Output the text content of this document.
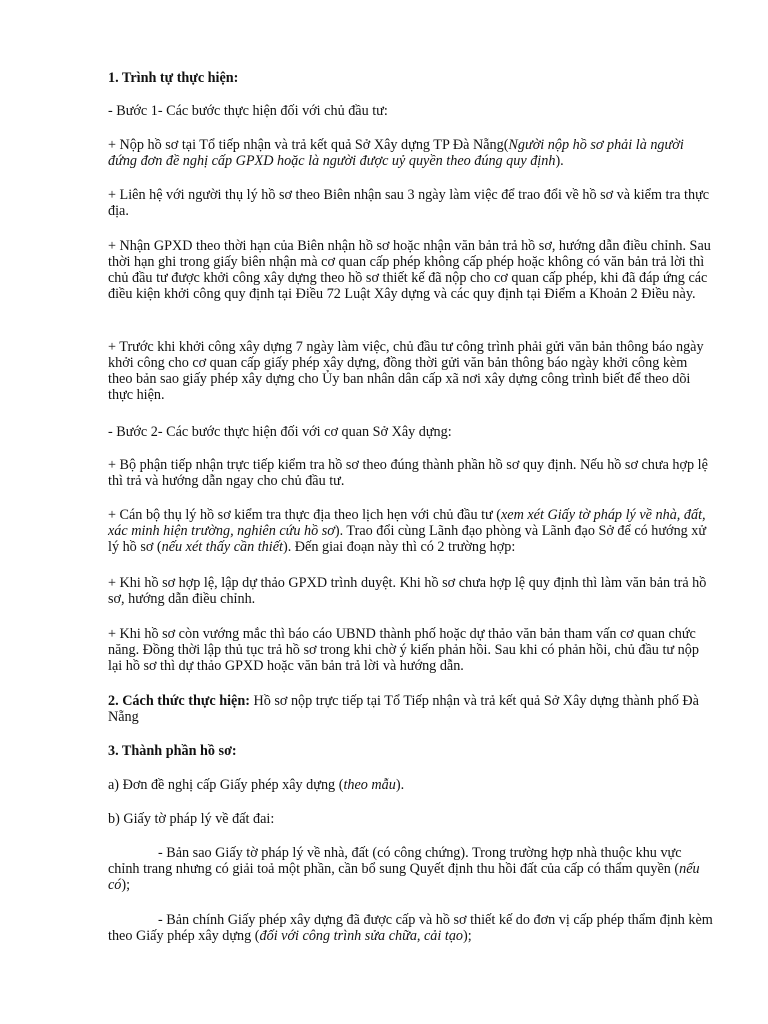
1. Trình tự thực hiện:

- Bước 1- Các bước thực hiện đối với chủ đầu tư:

+ Nộp hồ sơ tại Tổ tiếp nhận và trả kết quả Sở Xây dựng TP Đà Nẵng(Người nộp hồ sơ phải là người đứng đơn đề nghị cấp GPXD hoặc là người được uỷ quyền theo đúng quy định).

+ Liên hệ với người thụ lý hồ sơ theo Biên nhận sau 3 ngày làm việc để trao đổi về hồ sơ và kiểm tra thực địa.

+ Nhận GPXD theo thời hạn của Biên nhận hồ sơ hoặc nhận văn bản trả hồ sơ, hướng dẫn điều chỉnh. Sau thời hạn ghi trong giấy biên nhận mà cơ quan cấp phép không cấp phép hoặc không có văn bản trả lời thì chủ đầu tư được khởi công xây dựng theo hồ sơ thiết kế đã nộp cho cơ quan cấp phép, khi đã đáp ứng các điều kiện khởi công quy định tại Điều 72 Luật Xây dựng và các quy định tại Điểm a Khoản 2 Điều này.

+ Trước khi khởi công xây dựng 7 ngày làm việc, chủ đầu tư công trình phải gửi văn bản thông báo ngày khởi công cho cơ quan cấp giấy phép xây dựng, đồng thời gửi văn bản thông báo ngày khởi công kèm theo bản sao giấy phép xây dựng cho Ủy ban nhân dân cấp xã nơi xây dựng công trình biết để theo dõi thực hiện.

- Bước 2- Các bước thực hiện đối với cơ quan Sở Xây dựng:

+ Bộ phận tiếp nhận trực tiếp kiểm tra hồ sơ theo đúng thành phần hồ sơ quy định. Nếu hồ sơ chưa hợp lệ thì trả và hướng dẫn ngay cho chủ đầu tư.

+ Cán bộ thụ lý hồ sơ kiểm tra thực địa theo lịch hẹn với chủ đầu tư (xem xét Giấy tờ pháp lý về nhà, đất, xác minh hiện trường, nghiên cứu hồ sơ). Trao đổi cùng Lãnh đạo phòng và Lãnh đạo Sở để có hướng xử lý hồ sơ (nếu xét thấy cần thiết). Đến giai đoạn này thì có 2 trường hợp:

+ Khi hồ sơ hợp lệ, lập dự thảo GPXD trình duyệt. Khi hồ sơ chưa hợp lệ quy định thì làm văn bản trả hồ sơ, hướng dẫn điều chỉnh.

+ Khi hồ sơ còn vướng mắc thì báo cáo UBND thành phố hoặc dự thảo văn bản tham vấn cơ quan chức năng. Đồng thời lập thủ tục trả hồ sơ trong khi chờ ý kiến phản hồi. Sau khi có phản hồi, chủ đầu tư nộp lại hồ sơ thì dự thảo GPXD hoặc văn bản trả lời và hướng dẫn.

2. Cách thức thực hiện: Hồ sơ nộp trực tiếp tại Tổ Tiếp nhận và trả kết quả Sở Xây dựng thành phố Đà Nẵng

3. Thành phần hồ sơ:

a) Đơn đề nghị cấp Giấy phép xây dựng (theo mẫu).

b) Giấy tờ pháp lý về đất đai:

- Bản sao Giấy tờ pháp lý về nhà, đất (có công chứng). Trong trường hợp nhà thuộc khu vực chỉnh trang nhưng có giải toả một phần, cần bổ sung Quyết định thu hồi đất của cấp có thẩm quyền (nếu có);

- Bản chính Giấy phép xây dựng đã được cấp và hồ sơ thiết kế do đơn vị cấp phép thẩm định kèm theo Giấy phép xây dựng (đối với công trình sửa chữa, cải tạo);
